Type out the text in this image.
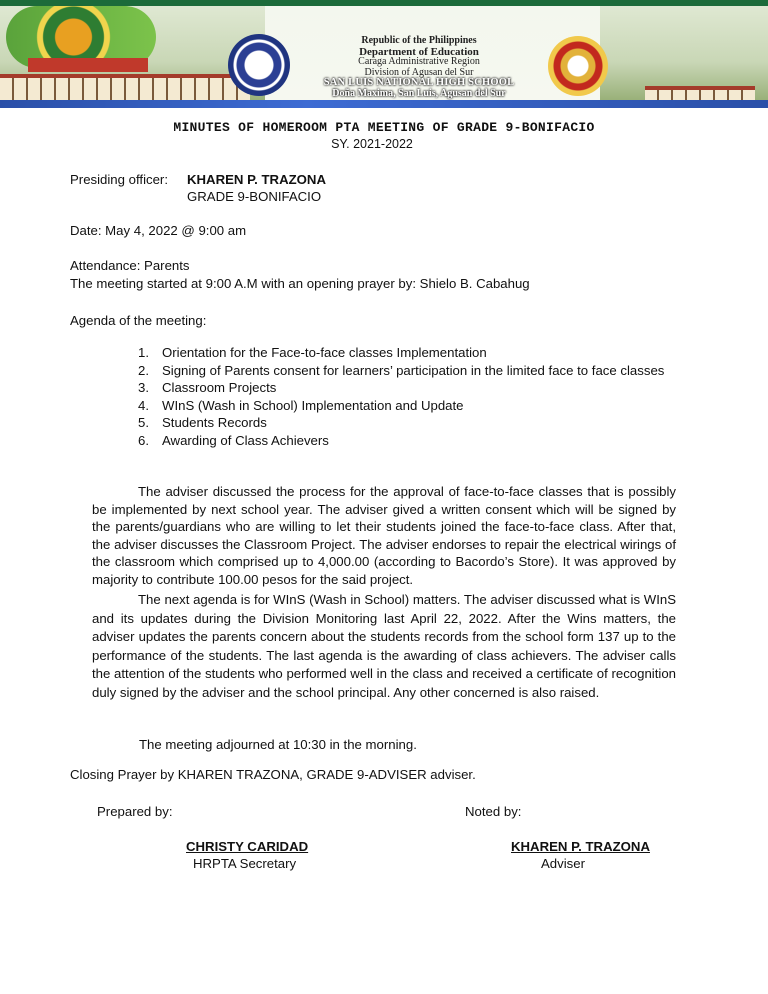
Republic of the Philippines
Department of Education
Caraga Administrative Region
Division of Agusan del Sur
SAN LUIS NATIONAL HIGH SCHOOL
Doña Maxima, San Luis, Agusan del Sur
MINUTES OF HOMEROOM PTA MEETING OF GRADE 9-BONIFACIO
SY. 2021-2022
Presiding officer: KHAREN P. TRAZONA
GRADE 9-BONIFACIO
Date: May 4, 2022 @ 9:00 am
Attendance: Parents
The meeting started at 9:00 A.M with an opening prayer by: Shielo B. Cabahug
Agenda of the meeting:
1. Orientation for the Face-to-face classes Implementation
2. Signing of Parents consent for learners’ participation in the limited face to face classes
3. Classroom Projects
4. WInS (Wash in School) Implementation and Update
5. Students Records
6. Awarding of Class Achievers

The adviser discussed the process for the approval of face-to-face classes that is possibly be implemented by next school year. The adviser gived a written consent which will be signed by the parents/guardians who are willing to let their students joined the face-to-face class. After that, the adviser discusses the Classroom Project. The adviser endorses to repair the electrical wirings of the classroom which comprised up to 4,000.00 (according to Bacordo’s Store). It was approved by majority to contribute 100.00 pesos for the said project.

The next agenda is for WInS (Wash in School) matters. The adviser discussed what is WInS and its updates during the Division Monitoring last April 22, 2022. After the Wins matters, the adviser updates the parents concern about the students records from the school form 137 up to the performance of the students. The last agenda is the awarding of class achievers. The adviser calls the attention of the students who performed well in the class and received a certificate of recognition duly signed by the adviser and the school principal. Any other concerned is also raised.

The meeting adjourned at 10:30 in the morning.
Closing Prayer by KHAREN TRAZONA, GRADE 9-ADVISER adviser.
Prepared by:	Noted by:
CHRISTY CARIDAD
HRPTA Secretary
KHAREN P. TRAZONA
Adviser
